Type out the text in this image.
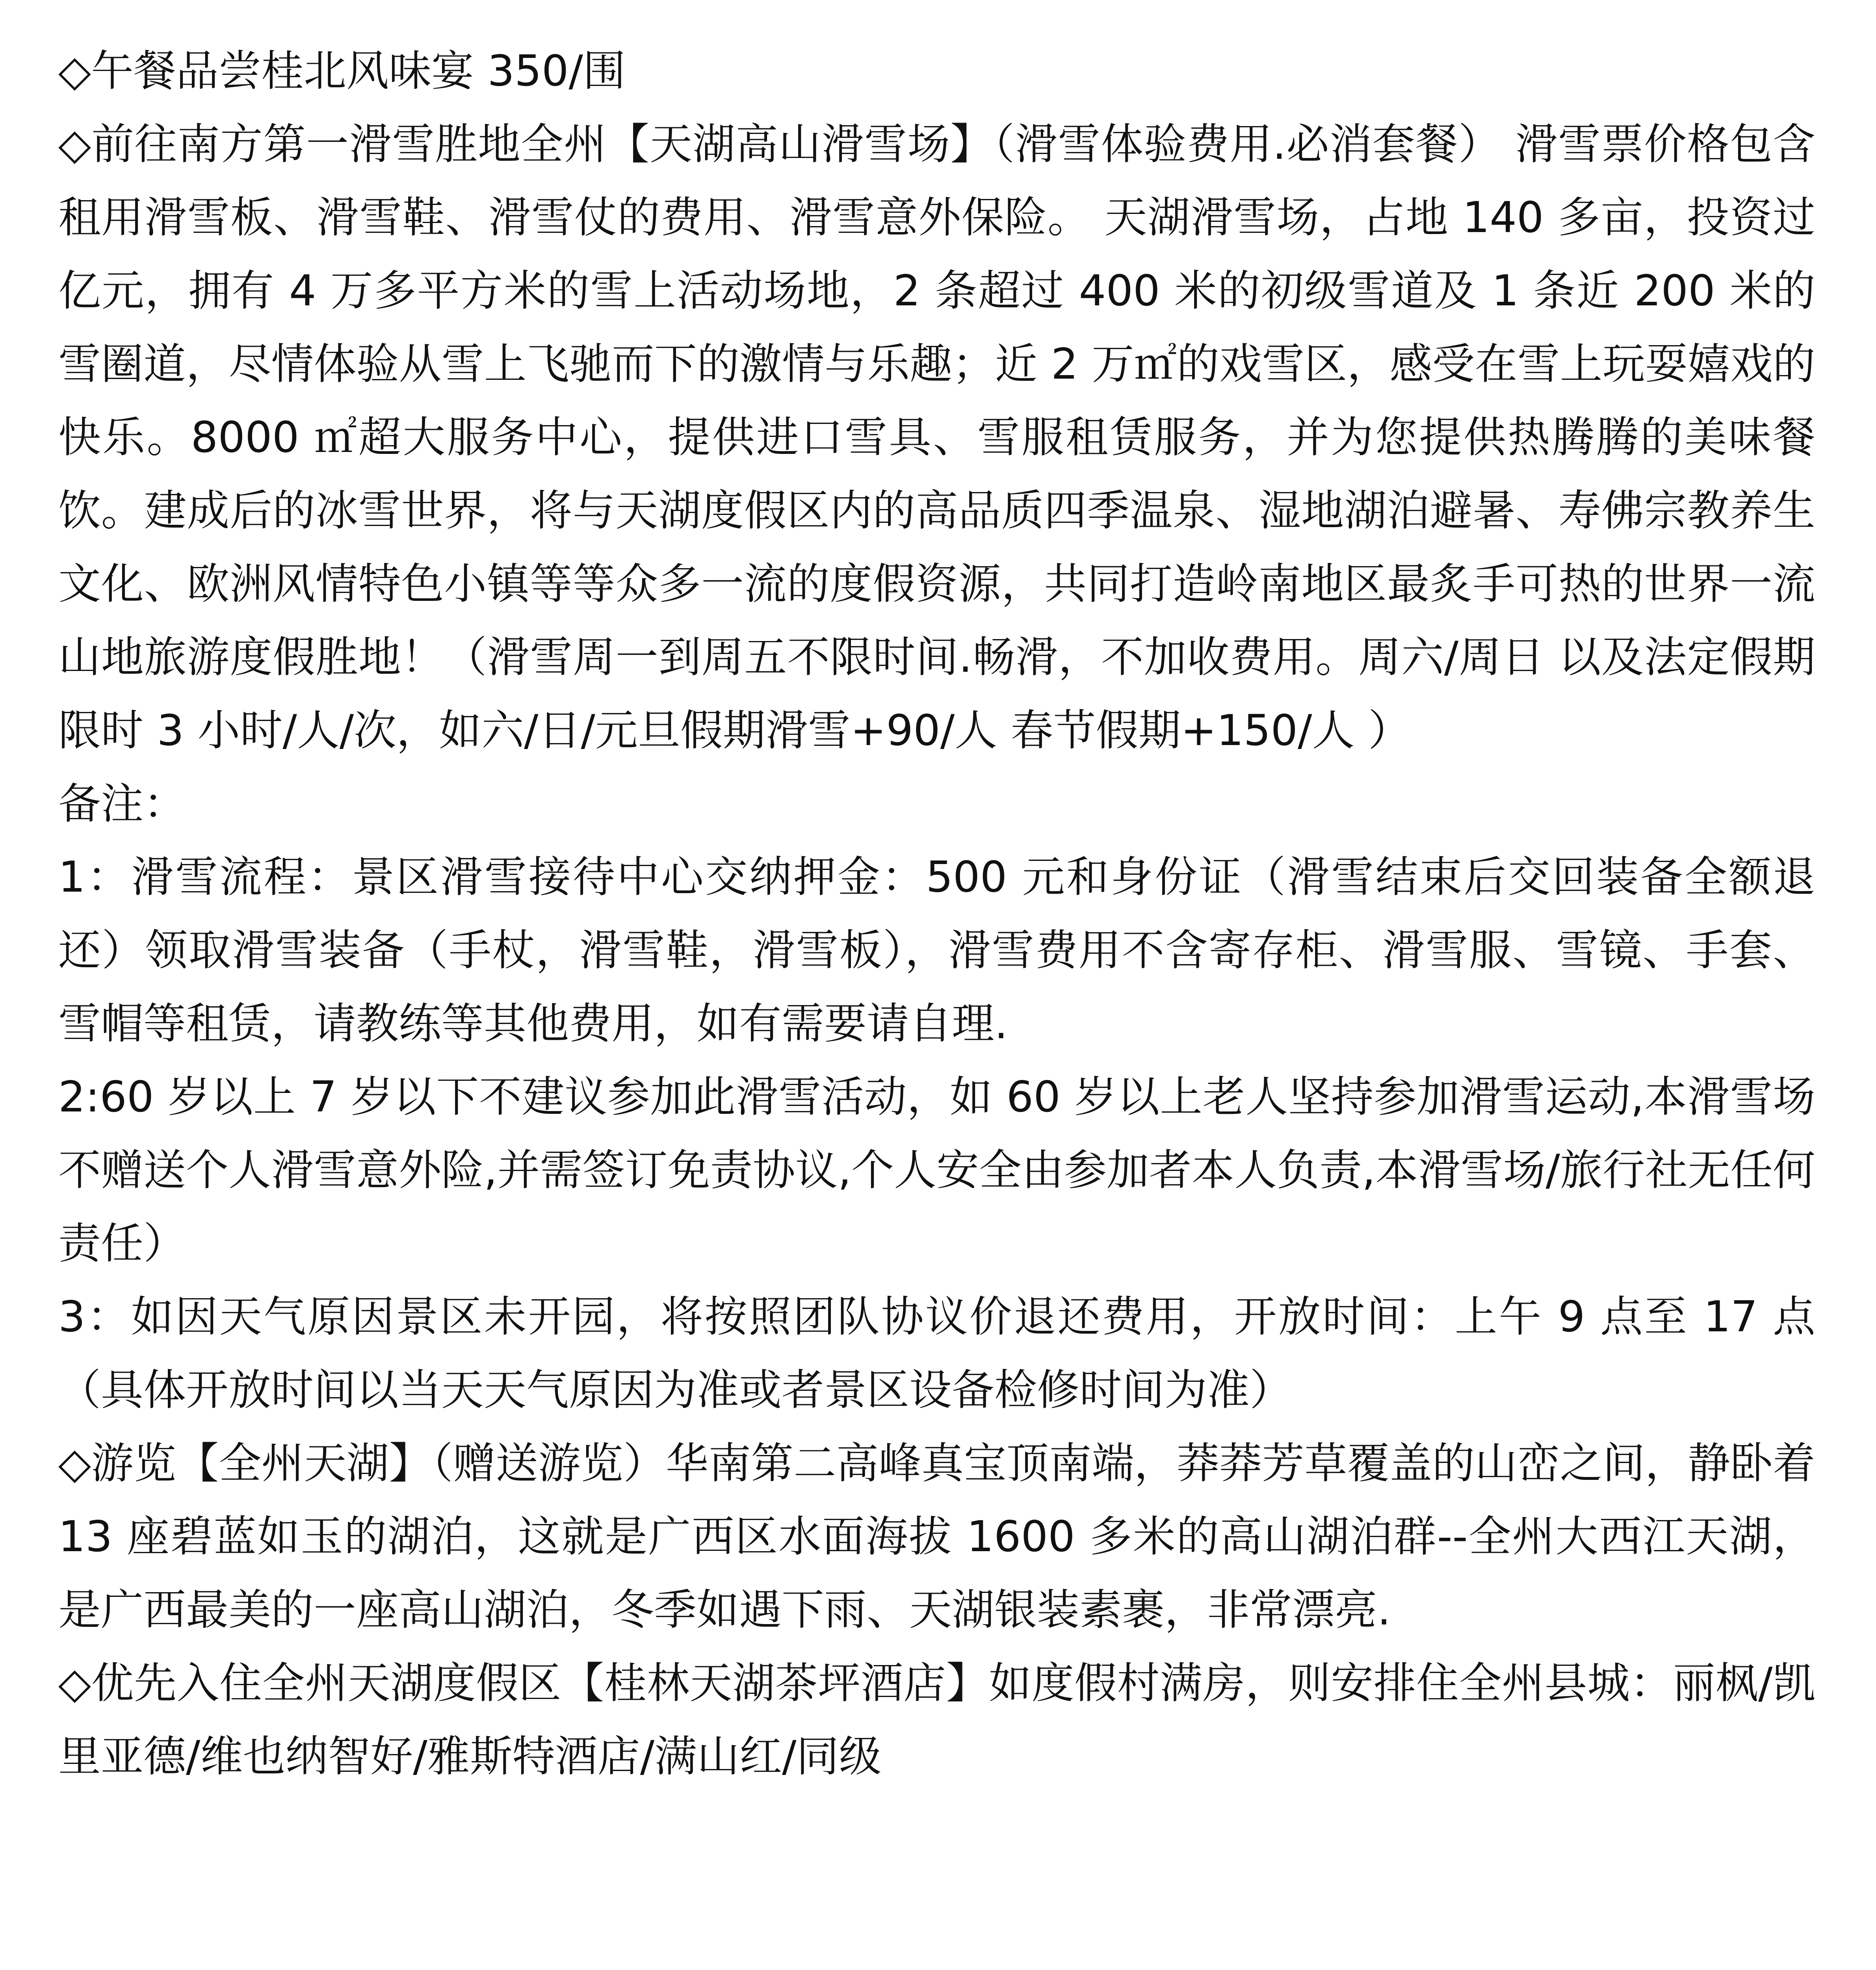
◇午餐品尝桂北风味宴 350/围

◇前往南方第一滑雪胜地全州【天湖高山滑雪场】（滑雪体验费用.必消套餐） 滑雪票价格包含租用滑雪板、滑雪鞋、滑雪仗的费用、滑雪意外保险。 天湖滑雪场，占地 140 多亩，投资过亿元，拥有 4 万多平方米的雪上活动场地，2 条超过 400 米的初级雪道及 1 条近 200 米的雪圈道，尽情体验从雪上飞驰而下的激情与乐趣；近 2 万㎡的戏雪区，感受在雪上玩耍嬉戏的快乐。8000 ㎡超大服务中心，提供进口雪具、雪服租赁服务，并为您提供热腾腾的美味餐饮。建成后的冰雪世界，将与天湖度假区内的高品质四季温泉、湿地湖泊避暑、寿佛宗教养生文化、欧洲风情特色小镇等等众多一流的度假资源，共同打造岭南地区最炙手可热的世界一流山地旅游度假胜地！（滑雪周一到周五不限时间.畅滑，不加收费用。周六/周日 以及法定假期限时 3 小时/人/次，如六/日/元旦假期滑雪+90/人 春节假期+150/人 ）

备注：

1：滑雪流程：景区滑雪接待中心交纳押金：500 元和身份证（滑雪结束后交回装备全额退还）领取滑雪装备（手杖，滑雪鞋，滑雪板），滑雪费用不含寄存柜、滑雪服、雪镜、手套、雪帽等租赁，请教练等其他费用，如有需要请自理.

2:60 岁以上 7 岁以下不建议参加此滑雪活动，如 60 岁以上老人坚持参加滑雪运动,本滑雪场不赠送个人滑雪意外险,并需签订免责协议,个人安全由参加者本人负责,本滑雪场/旅行社无任何责任）

3：如因天气原因景区未开园，将按照团队协议价退还费用，开放时间：上午 9 点至 17 点（具体开放时间以当天天气原因为准或者景区设备检修时间为准）

◇游览【全州天湖】（赠送游览）华南第二高峰真宝顶南端，莽莽芳草覆盖的山峦之间，静卧着 13 座碧蓝如玉的湖泊，这就是广西区水面海拔 1600 多米的高山湖泊群--全州大西江天湖，是广西最美的一座高山湖泊，冬季如遇下雨、天湖银装素裹，非常漂亮.

◇优先入住全州天湖度假区【桂林天湖茶坪酒店】如度假村满房，则安排住全州县城：丽枫/凯里亚德/维也纳智好/雅斯特酒店/满山红/同级
